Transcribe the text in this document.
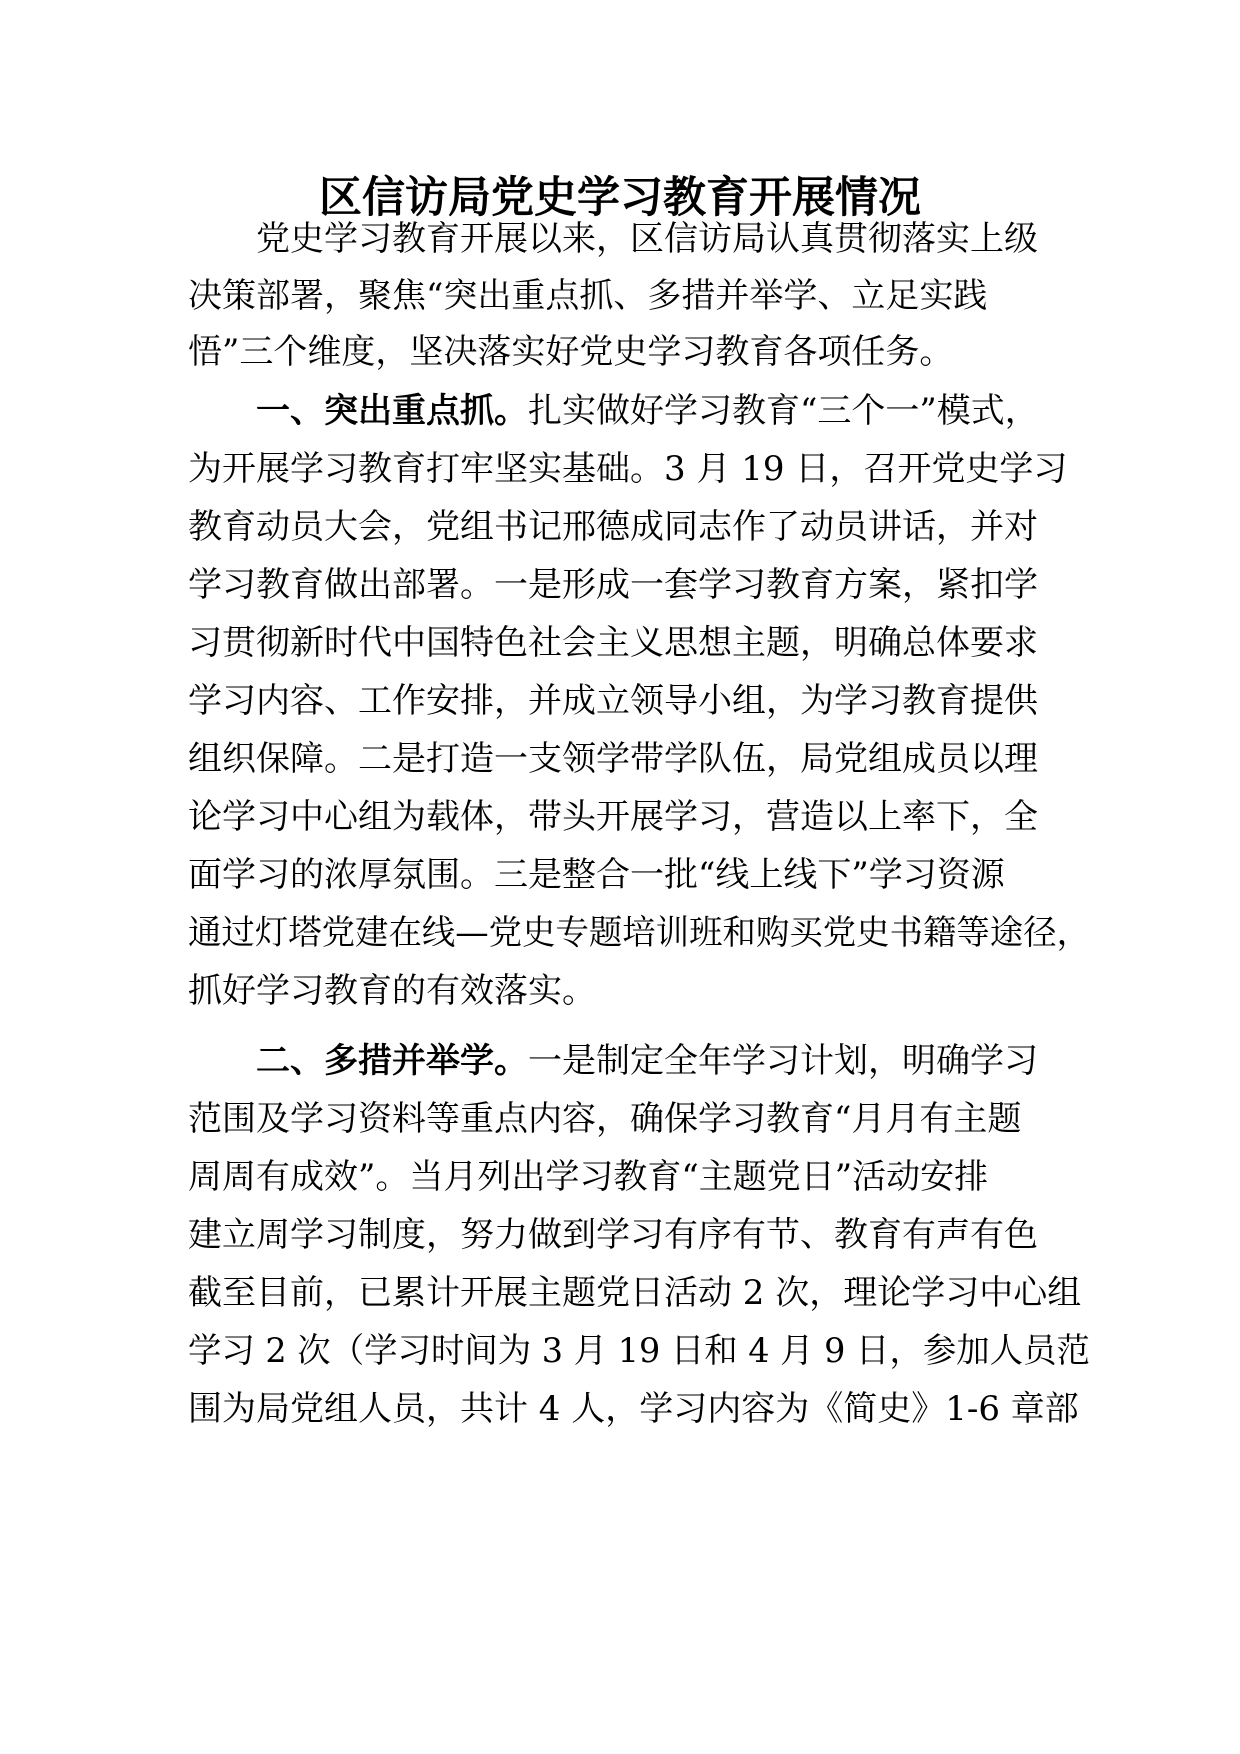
区信访局党史学习教育开展情况

党史学习教育开展以来，区信访局认真贯彻落实上级

决策部署，聚焦“突出重点抓、多措并举学、立足实践

悟”三个维度，坚决落实好党史学习教育各项任务。

一、突出重点抓。扎实做好学习教育“三个一”模式，

为开展学习教育打牢坚实基础。3 月 19 日，召开党史学习

教育动员大会，党组书记邢德成同志作了动员讲话，并对

学习教育做出部署。一是形成一套学习教育方案，紧扣学

习贯彻新时代中国特色社会主义思想主题，明确总体要求

学习内容、工作安排，并成立领导小组，为学习教育提供

组织保障。二是打造一支领学带学队伍，局党组成员以理

论学习中心组为载体，带头开展学习，营造以上率下，全

面学习的浓厚氛围。三是整合一批“线上线下”学习资源

通过灯塔党建在线—党史专题培训班和购买党史书籍等途径，

抓好学习教育的有效落实。

二、多措并举学。一是制定全年学习计划，明确学习

范围及学习资料等重点内容，确保学习教育“月月有主题

周周有成效”。当月列出学习教育“主题党日”活动安排

建立周学习制度，努力做到学习有序有节、教育有声有色

截至目前，已累计开展主题党日活动 2 次，理论学习中心组

学习 2 次（学习时间为 3 月 19 日和 4 月 9 日，参加人员范

围为局党组人员，共计 4 人，学习内容为《简史》1-6 章部
